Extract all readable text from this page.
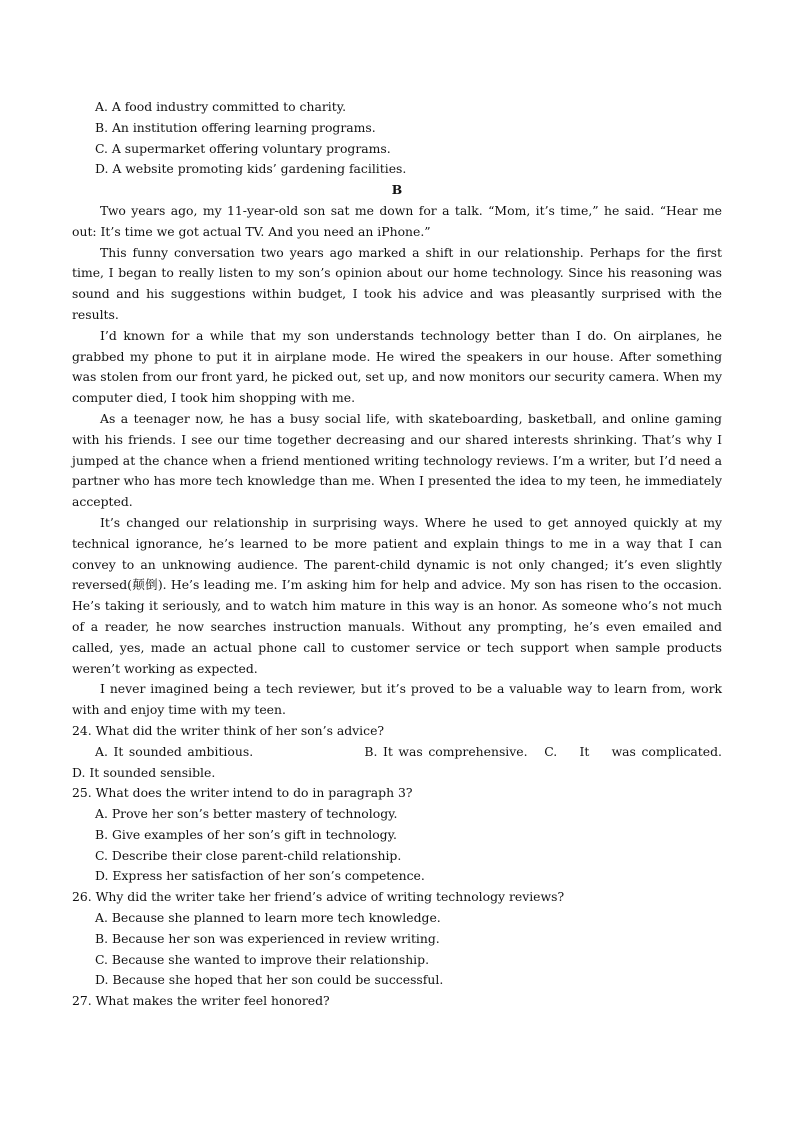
A. A food industry committed to charity.
B. An institution offering learning programs.
C. A supermarket offering voluntary programs.
D. A website promoting kids’ gardening facilities.
B

Two years ago, my 11-year-old son sat me down for a talk. “Mom, it’s time,” he said. “Hear me out: It’s time we got actual TV. And you need an iPhone.”

This funny conversation two years ago marked a shift in our relationship. Perhaps for the first time, I began to really listen to my son’s opinion about our home technology. Since his reasoning was sound and his suggestions within budget, I took his advice and was pleasantly surprised with the results.

I’d known for a while that my son understands technology better than I do. On airplanes, he grabbed my phone to put it in airplane mode. He wired the speakers in our house. After something was stolen from our front yard, he picked out, set up, and now monitors our security camera. When my computer died, I took him shopping with me.

As a teenager now, he has a busy social life, with skateboarding, basketball, and online gaming with his friends. I see our time together decreasing and our shared interests shrinking. That’s why I jumped at the chance when a friend mentioned writing technology reviews. I’m a writer, but I’d need a partner who has more tech knowledge than me. When I presented the idea to my teen, he immediately accepted.

It’s changed our relationship in surprising ways. Where he used to get annoyed quickly at my technical ignorance, he’s learned to be more patient and explain things to me in a way that I can convey to an unknowing audience. The parent-child dynamic is not only changed; it’s even slightly reversed(颠倒). He’s leading me. I’m asking him for help and advice. My son has risen to the occasion. He’s taking it seriously, and to watch him mature in this way is an honor. As someone who’s not much of a reader, he now searches instruction manuals. Without any prompting, he’s even emailed and called, yes, made an actual phone call to customer service or tech support when sample products weren’t working as expected.

I never imagined being a tech reviewer, but it’s proved to be a valuable way to learn from, work with and enjoy time with my teen.

24. What did the writer think of her son’s advice?

A. It sounded ambitious.                    B. It was comprehensive.   C.    It    was complicated.              D. It sounded sensible.

25. What does the writer intend to do in paragraph 3?

A. Prove her son’s better mastery of technology.
B. Give examples of her son’s gift in technology.
C. Describe their close parent-child relationship.
D. Express her satisfaction of her son’s competence.

26. Why did the writer take her friend’s advice of writing technology reviews?

A. Because she planned to learn more tech knowledge.
B. Because her son was experienced in review writing.
C. Because she wanted to improve their relationship.
D. Because she hoped that her son could be successful.

27. What makes the writer feel honored?
